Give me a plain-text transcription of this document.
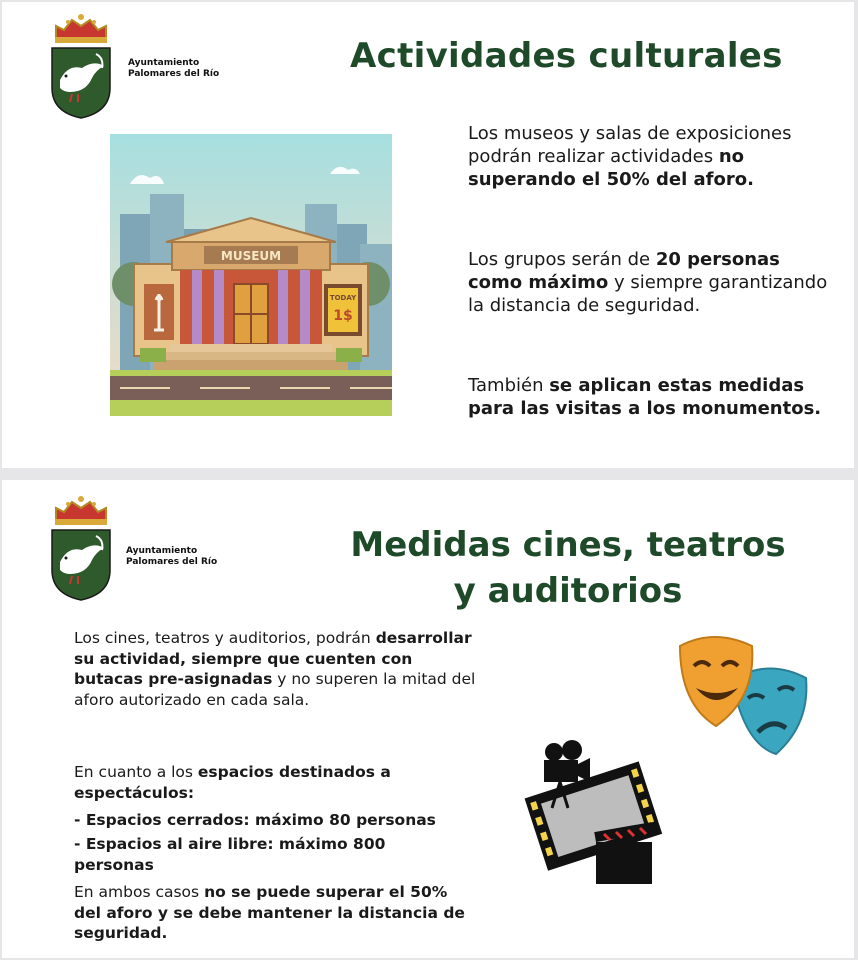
Ayuntamiento
Palomares del Río	Actividades culturales
TODAY
1$
MUSEUM

Los museos y salas de exposiciones podrán realizar actividades no superando el 50% del aforo.

Los grupos serán de 20 personas como máximo y siempre garantizando la distancia de seguridad.

También se aplican estas medidas para las visitas a los monumentos.

Ayuntamiento
Palomares del Río	Medidas cines, teatros
y auditorios

Los cines, teatros y auditorios, podrán desarrollar su actividad, siempre que cuenten con butacas pre-asignadas y no superen la mitad del aforo autorizado en cada sala.

En cuanto a los espacios destinados a espectáculos:

- Espacios cerrados: máximo 80 personas

- Espacios al aire libre: máximo 800 personas

En ambos casos no se puede superar el 50% del aforo y se debe mantener la distancia de seguridad.
